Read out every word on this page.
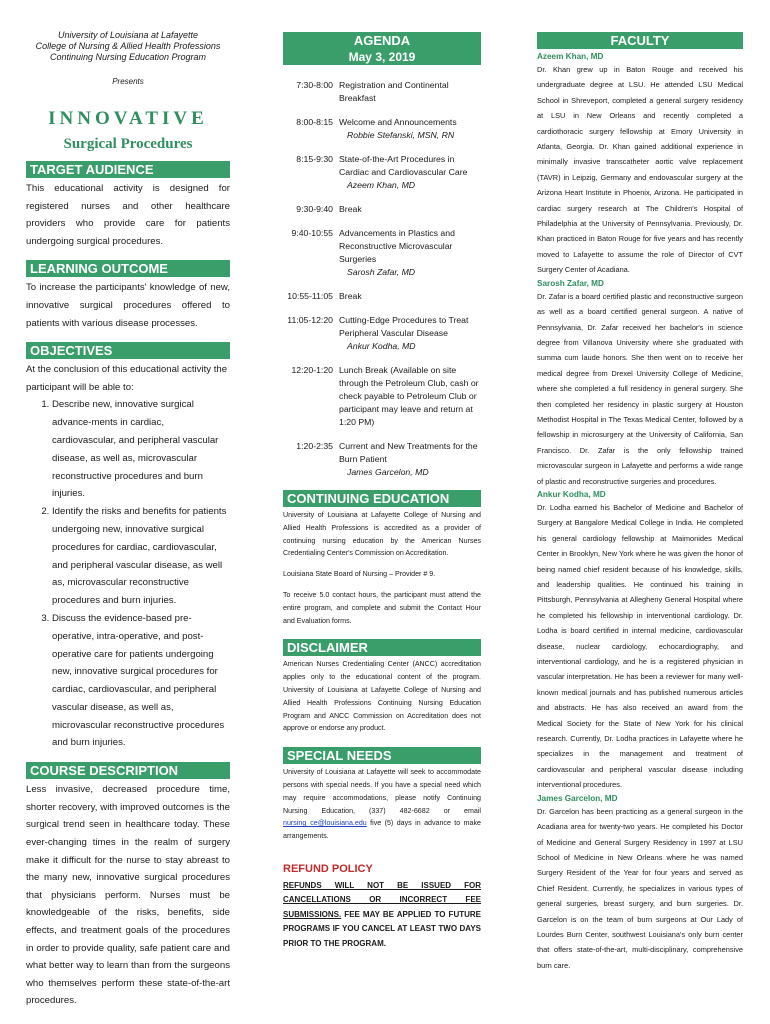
University of Louisiana at Lafayette
College of Nursing & Allied Health Professions
Continuing Nursing Education Program
Presents
INNOVATIVE
Surgical Procedures
TARGET AUDIENCE

This educational activity is designed for registered nurses and other healthcare providers who provide care for patients undergoing surgical procedures.

LEARNING OUTCOME

To increase the participants' knowledge of new, innovative surgical procedures offered to patients with various disease processes.

OBJECTIVES

At the conclusion of this educational activity the participant will be able to:

1. Describe new, innovative surgical advance-ments in cardiac, cardiovascular, and peripheral vascular disease, as well as, microvascular reconstructive procedures and burn injuries.
2. Identify the risks and benefits for patients undergoing new, innovative surgical procedures for cardiac, cardiovascular, and peripheral vascular disease, as well as, microvascular reconstructive procedures and burn injuries.
3. Discuss the evidence-based pre-operative, intra-operative, and post-operative care for patients undergoing new, innovative surgical procedures for cardiac, cardiovascular, and peripheral vascular disease, as well as, microvascular reconstructive procedures and burn injuries.
COURSE DESCRIPTION

Less invasive, decreased procedure time, shorter recovery, with improved outcomes is the surgical trend seen in healthcare today. These ever-changing times in the realm of surgery make it difficult for the nurse to stay abreast to the many new, innovative surgical procedures that physicians perform. Nurses must be knowledgeable of the risks, benefits, side effects, and treatment goals of the procedures in order to provide quality, safe patient care and what better way to learn than from the surgeons who themselves perform these state-of-the-art procedures.

AGENDA
May 3, 2019
7:30-8:00 Registration and Continental Breakfast
8:00-8:15 Welcome and Announcements
Robbie Stefanski, MSN, RN
8:15-9:30 State-of-the-Art Procedures in Cardiac and Cardiovascular Care
Azeem Khan, MD
9:30-9:40 Break
9:40-10:55 Advancements in Plastics and Reconstructive Microvascular Surgeries
Sarosh Zafar, MD
10:55-11:05 Break
11:05-12:20 Cutting-Edge Procedures to Treat Peripheral Vascular Disease
Ankur Kodha, MD
12:20-1:20 Lunch Break (Available on site through the Petroleum Club, cash or check payable to Petroleum Club or participant may leave and return at 1:20 PM)
1:20-2:35 Current and New Treatments for the Burn Patient
James Garcelon, MD
CONTINUING EDUCATION

University of Louisiana at Lafayette College of Nursing and Allied Health Professions is accredited as a provider of continuing nursing education by the American Nurses Credentialing Center's Commission on Accreditation.

Louisiana State Board of Nursing – Provider # 9.

To receive 5.0 contact hours, the participant must attend the entire program, and complete and submit the Contact Hour and Evaluation forms.

DISCLAIMER

American Nurses Credentialing Center (ANCC) accreditation applies only to the educational content of the program. University of Louisiana at Lafayette College of Nursing and Allied Health Professions Continuing Nursing Education Program and ANCC Commission on Accreditation does not approve or endorse any product.

SPECIAL NEEDS

University of Louisiana at Lafayette will seek to accommodate persons with special needs. If you have a special need which may require accommodations, please notify Continuing Nursing Education, (337) 482-6682 or email nursing_ce@louisiana.edu five (5) days in advance to make arrangements.

REFUND POLICY
REFUNDS WILL NOT BE ISSUED FOR CANCELLATIONS OR INCORRECT FEE SUBMISSIONS. FEE MAY BE APPLIED TO FUTURE PROGRAMS IF YOU CANCEL AT LEAST TWO DAYS PRIOR TO THE PROGRAM.
FACULTY
Azeem Khan, MD

Dr. Khan grew up in Baton Rouge and received his undergraduate degree at LSU. He attended LSU Medical School in Shreveport, completed a general surgery residency at LSU in New Orleans and recently completed a cardiothoracic surgery fellowship at Emory University in Atlanta, Georgia. Dr. Khan gained additional experience in minimally invasive transcatheter aortic valve replacement (TAVR) in Leipzig, Germany and endovascular surgery at the Arizona Heart Institute in Phoenix, Arizona. He participated in cardiac surgery research at The Children's Hospital of Philadelphia at the University of Pennsylvania. Previously, Dr. Khan practiced in Baton Rouge for five years and has recently moved to Lafayette to assume the role of Director of CVT Surgery Center of Acadiana.

Sarosh Zafar, MD

Dr. Zafar is a board certified plastic and reconstructive surgeon as well as a board certified general surgeon. A native of Pennsylvania, Dr. Zafar received her bachelor's in science degree from Villanova University where she graduated with summa cum laude honors. She then went on to receive her medical degree from Drexel University College of Medicine, where she completed a full residency in general surgery. She then completed her residency in plastic surgery at Houston Methodist Hospital in The Texas Medical Center, followed by a fellowship in microsurgery at the University of California, San Francisco. Dr. Zafar is the only fellowship trained microvascular surgeon in Lafayette and performs a wide range of plastic and reconstructive surgeries and procedures.

Ankur Kodha, MD

Dr. Lodha earned his Bachelor of Medicine and Bachelor of Surgery at Bangalore Medical College in India. He completed his general cardiology fellowship at Maimonides Medical Center in Brooklyn, New York where he was given the honor of being named chief resident because of his knowledge, skills, and leadership qualities. He continued his training in Pittsburgh, Pennsylvania at Allegheny General Hospital where he completed his fellowship in interventional cardiology. Dr. Lodha is board certified in internal medicine, cardiovascular disease, nuclear cardiology, echocardiography, and interventional cardiology, and he is a registered physician in vascular interpretation. He has been a reviewer for many well-known medical journals and has published numerous articles and abstracts. He has also received an award from the Medical Society for the State of New York for his clinical research. Currently, Dr. Lodha practices in Lafayette where he specializes in the management and treatment of cardiovascular and peripheral vascular disease including interventional procedures.

James Garcelon, MD

Dr. Garcelon has been practicing as a general surgeon in the Acadiana area for twenty-two years. He completed his Doctor of Medicine and General Surgery Residency in 1997 at LSU School of Medicine in New Orleans where he was named Surgery Resident of the Year for four years and served as Chief Resident. Currently, he specializes in various types of general surgeries, breast surgery, and burn surgeries. Dr. Garcelon is on the team of burn surgeons at Our Lady of Lourdes Burn Center, southwest Louisiana's only burn center that offers state-of-the-art, multi-disciplinary, comprehensive burn care.
